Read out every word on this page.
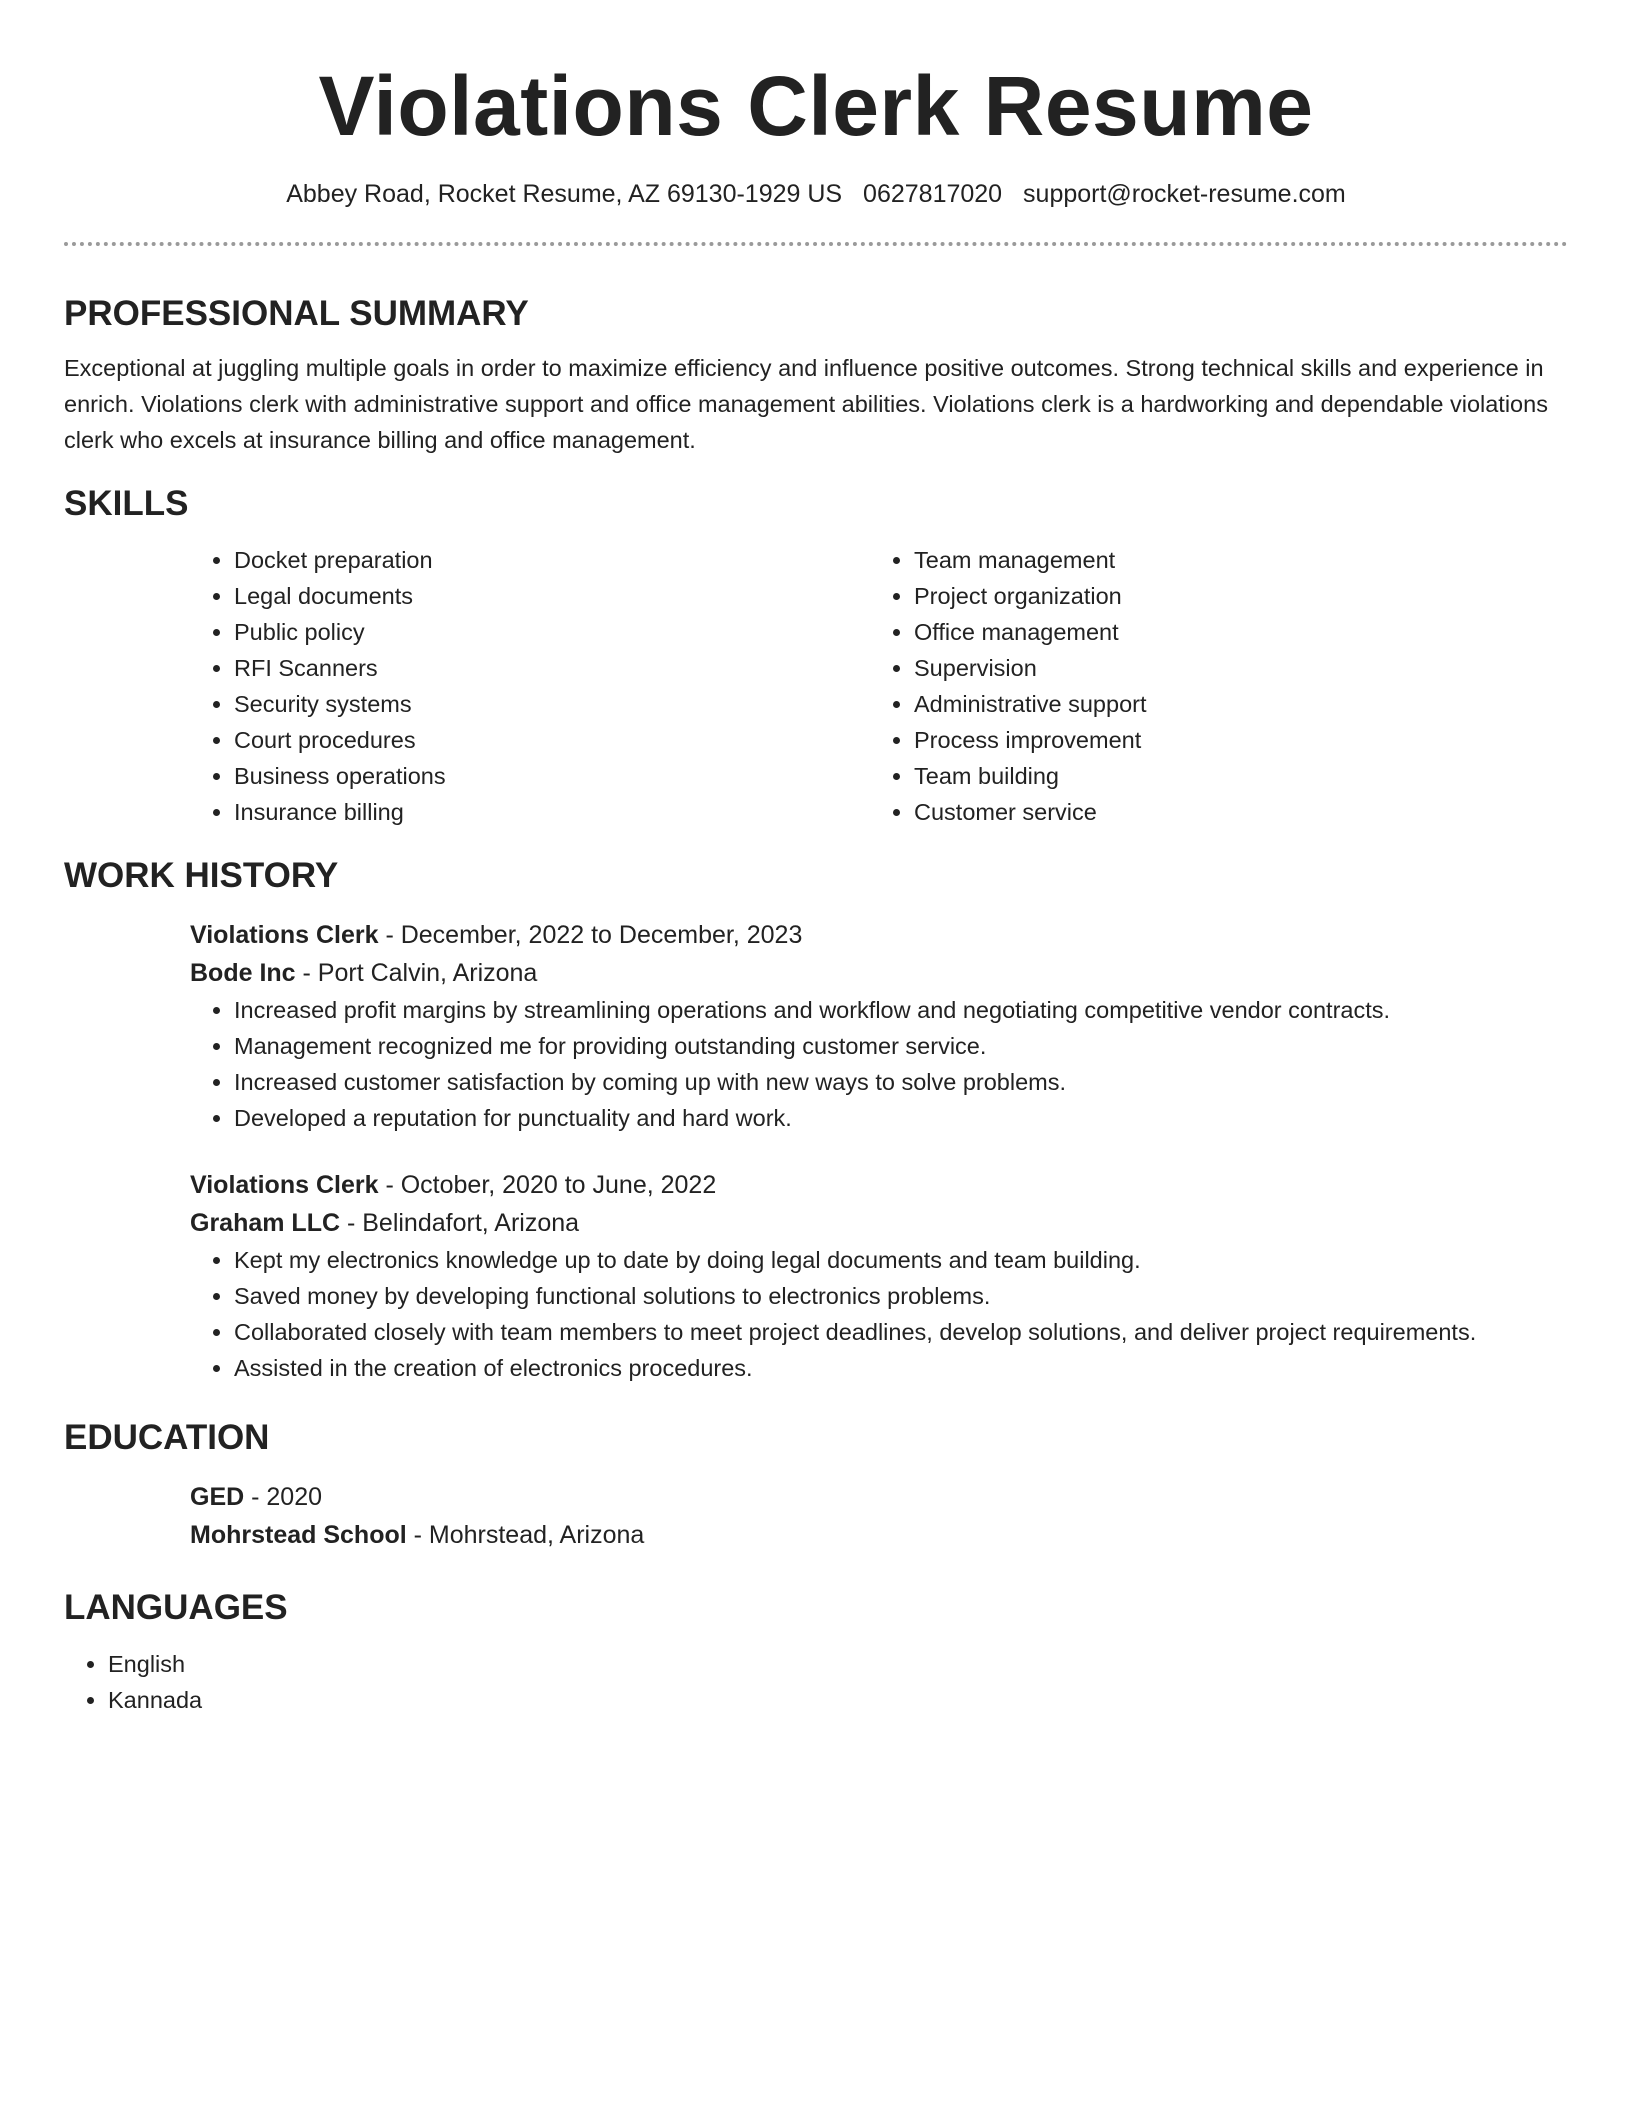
Violations Clerk Resume
Abbey Road, Rocket Resume, AZ 69130-1929 US 0627817020 support@rocket-resume.com
PROFESSIONAL SUMMARY

Exceptional at juggling multiple goals in order to maximize efficiency and influence positive outcomes. Strong technical skills and experience in enrich. Violations clerk with administrative support and office management abilities. Violations clerk is a hardworking and dependable violations clerk who excels at insurance billing and office management.

SKILLS
• Docket preparation
• Legal documents
• Public policy
• RFI Scanners
• Security systems
• Court procedures
• Business operations
• Insurance billing
• Team management
• Project organization
• Office management
• Supervision
• Administrative support
• Process improvement
• Team building
• Customer service
WORK HISTORY
Violations Clerk - December, 2022 to December, 2023
Bode Inc - Port Calvin, Arizona
• Increased profit margins by streamlining operations and workflow and negotiating competitive vendor contracts.
• Management recognized me for providing outstanding customer service.
• Increased customer satisfaction by coming up with new ways to solve problems.
• Developed a reputation for punctuality and hard work.
Violations Clerk - October, 2020 to June, 2022
Graham LLC - Belindafort, Arizona
• Kept my electronics knowledge up to date by doing legal documents and team building.
• Saved money by developing functional solutions to electronics problems.
• Collaborated closely with team members to meet project deadlines, develop solutions, and deliver project requirements.
• Assisted in the creation of electronics procedures.
EDUCATION
GED - 2020
Mohrstead School - Mohrstead, Arizona
LANGUAGES
• English
• Kannada
